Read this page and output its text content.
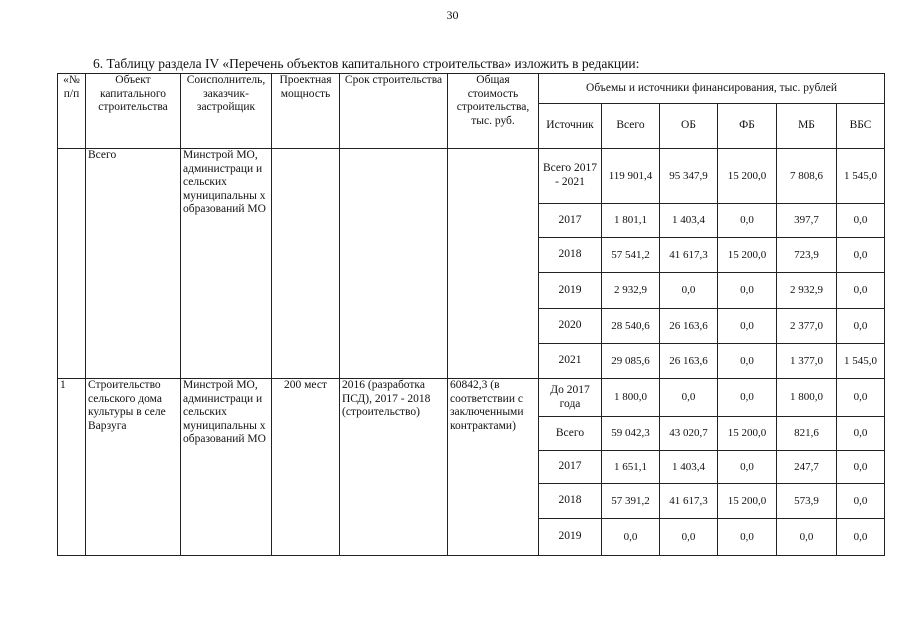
30
6. Таблицу раздела IV «Перечень объектов капитального строительства» изложить в редакции:
«№ п/п	Объект капитального строительства	Соисполнитель, заказчик-застройщик	Проектная мощность	Срок строительства	Общая стоимость строительства, тыс. руб.	Объемы и источники финансирования, тыс. рублей					
						Источник	Всего	ОБ	ФБ	МБ	ВБС
	Всего	Минстрой МО, администраци и сельских муниципальны х образований МО				Всего 2017 - 2021	119 901,4	95 347,9	15 200,0	7 808,6	1 545,0
						2017	1 801,1	1 403,4	0,0	397,7	0,0
						2018	57 541,2	41 617,3	15 200,0	723,9	0,0
						2019	2 932,9	0,0	0,0	2 932,9	0,0
						2020	28 540,6	26 163,6	0,0	2 377,0	0,0
						2021	29 085,6	26 163,6	0,0	1 377,0	1 545,0
1	Строительство сельского дома культуры в селе Варзуга	Минстрой МО, администраци и сельских муниципальны х образований МО	200 мест	2016 (разработка ПСД), 2017 - 2018 (строительство)	60842,3 (в соответствии с заключенными контрактами)	До 2017 года	1 800,0	0,0	0,0	1 800,0	0,0
						Всего	59 042,3	43 020,7	15 200,0	821,6	0,0
						2017	1 651,1	1 403,4	0,0	247,7	0,0
						2018	57 391,2	41 617,3	15 200,0	573,9	0,0
						2019	0,0	0,0	0,0	0,0	0,0
